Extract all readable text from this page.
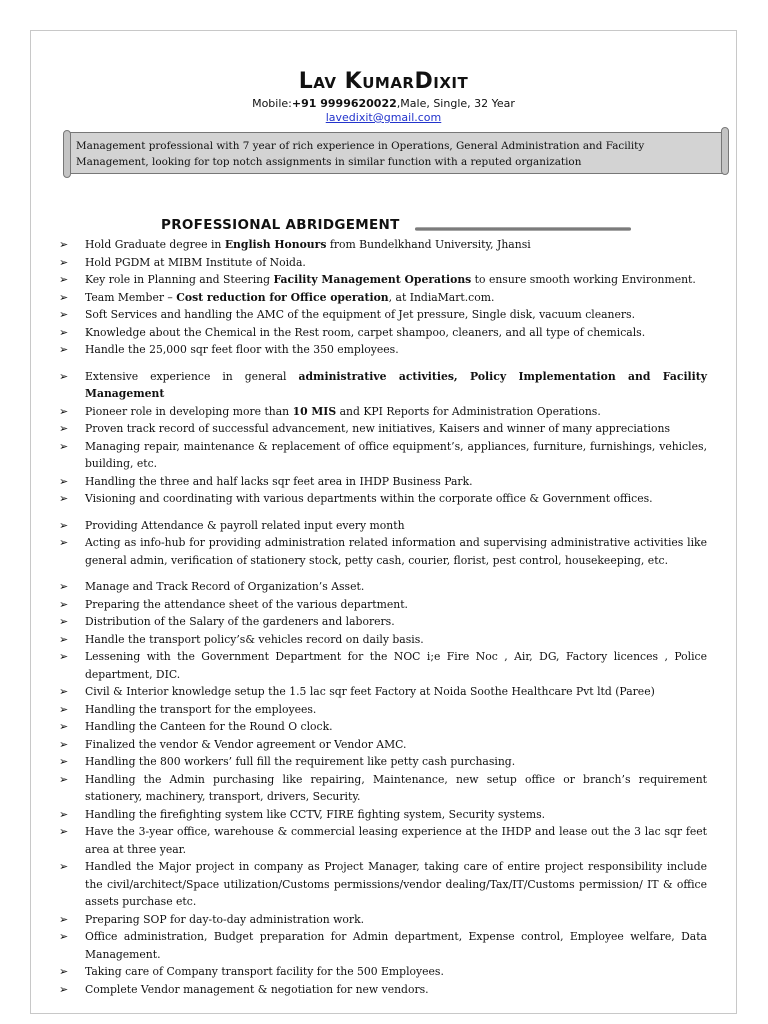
Lav KumarDixit
Mobile:+91 9999620022,Male, Single, 32 Year
lavedixit@gmail.com
Management professional with 7 year of rich experience in Operations, General Administration and Facility Management, looking for top notch assignments in similar function with a reputed organization
PROFESSIONAL ABRIDGEMENT
➢ Hold Graduate degree in English Honours from Bundelkhand University, Jhansi
➢ Hold PGDM at MIBM Institute of Noida.
➢ Key role in Planning and Steering Facility Management Operations to ensure smooth working Environment.
➢ Team Member – Cost reduction for Office operation, at IndiaMart.com.
➢ Soft Services and handling the AMC of the equipment of Jet pressure, Single disk, vacuum cleaners.
➢ Knowledge about the Chemical in the Rest room, carpet shampoo, cleaners, and all type of chemicals.
➢ Handle the 25,000 sqr feet floor with the 350 employees.
➢ Extensive experience in general administrative activities, Policy Implementation and Facility Management
➢ Pioneer role in developing more than 10 MIS and KPI Reports for Administration Operations.
➢ Proven track record of successful advancement, new initiatives, Kaisers and winner of many appreciations
➢ Managing repair, maintenance & replacement of office equipment’s, appliances, furniture, furnishings, vehicles, building, etc.
➢ Handling the three and half lacks sqr feet area in IHDP Business Park.
➢ Visioning and coordinating with various departments within the corporate office & Government offices.
➢ Providing Attendance & payroll related input every month
➢ Acting as info-hub for providing administration related information and supervising administrative activities like general admin, verification of stationery stock, petty cash, courier, florist, pest control, housekeeping, etc.
➢ Manage and Track Record of Organization’s Asset.
➢ Preparing the attendance sheet of the various department.
➢ Distribution of the Salary of the gardeners and laborers.
➢ Handle the transport policy’s& vehicles record on daily basis.
➢ Lessening with the Government Department for the NOC i;e Fire Noc , Air, DG, Factory licences , Police department, DIC.
➢ Civil & Interior knowledge setup the 1.5 lac sqr feet Factory at Noida Soothe Healthcare Pvt ltd (Paree)
➢ Handling the transport for the employees.
➢ Handling the Canteen for the Round O clock.
➢ Finalized the vendor & Vendor agreement or Vendor AMC.
➢ Handling the 800 workers’ full fill the requirement like petty cash purchasing.
➢ Handling the Admin purchasing like repairing, Maintenance, new setup office or branch’s requirement stationery, machinery, transport, drivers, Security.
➢ Handling the firefighting system like CCTV, FIRE fighting system, Security systems.
➢ Have the 3-year office, warehouse & commercial leasing experience at the IHDP and lease out the 3 lac sqr feet area at three year.
➢ Handled the Major project in company as Project Manager, taking care of entire project responsibility include the civil/architect/Space utilization/Customs permissions/vendor dealing/Tax/IT/Customs permission/ IT & office assets purchase etc.
➢ Preparing SOP for day-to-day administration work.
➢ Office administration, Budget preparation for Admin department, Expense control, Employee welfare, Data Management.
➢ Taking care of Company transport facility for the 500 Employees.
➢ Complete Vendor management & negotiation for new vendors.
